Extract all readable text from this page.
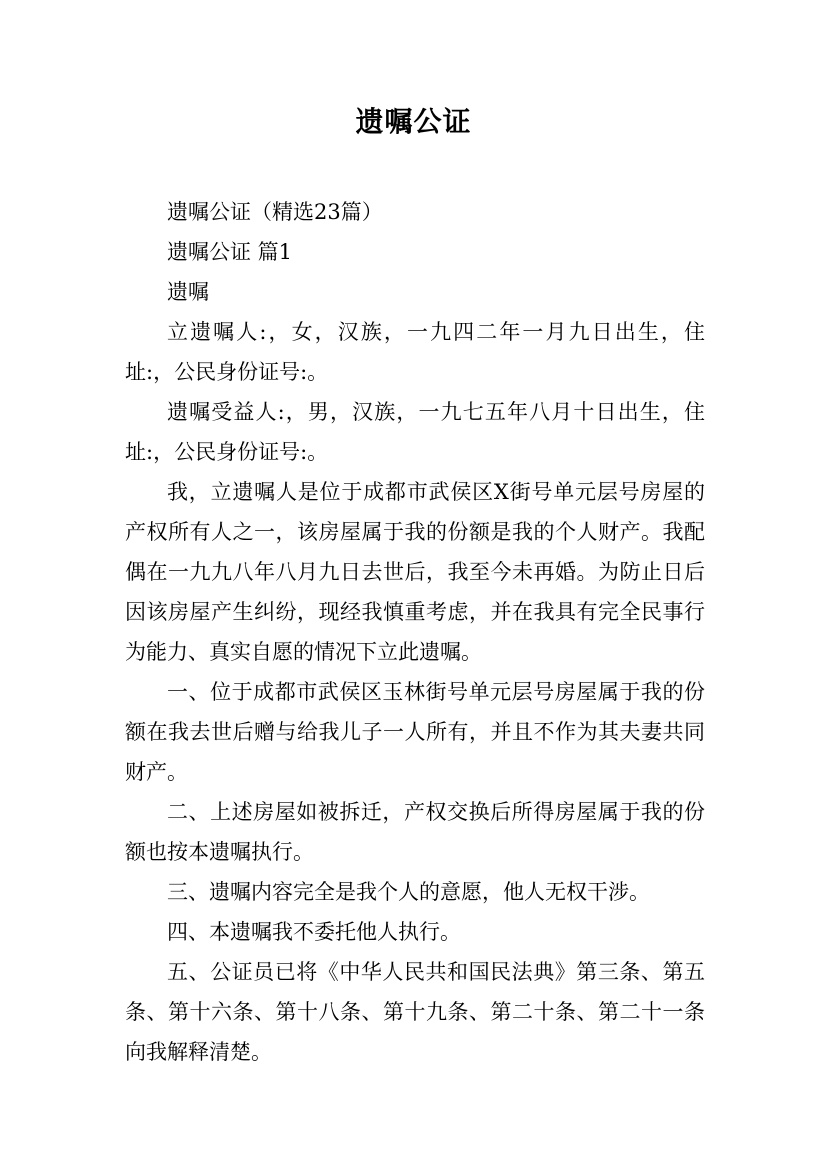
遗嘱公证

遗嘱公证（精选23篇）

遗嘱公证 篇1

遗嘱

立遗嘱人:，女，汉族，一九四二年一月九日出生，住址:，公民身份证号:。

遗嘱受益人:，男，汉族，一九七五年八月十日出生，住址:，公民身份证号:。

我，立遗嘱人是位于成都市武侯区X街号单元层号房屋的产权所有人之一，该房屋属于我的份额是我的个人财产。我配偶在一九九八年八月九日去世后，我至今未再婚。为防止日后因该房屋产生纠纷，现经我慎重考虑，并在我具有完全民事行为能力、真实自愿的情况下立此遗嘱。

一、位于成都市武侯区玉林街号单元层号房屋属于我的份额在我去世后赠与给我儿子一人所有，并且不作为其夫妻共同财产。

二、上述房屋如被拆迁，产权交换后所得房屋属于我的份额也按本遗嘱执行。

三、遗嘱内容完全是我个人的意愿，他人无权干涉。

四、本遗嘱我不委托他人执行。

五、公证员已将《中华人民共和国民法典》第三条、第五条、第十六条、第十八条、第十九条、第二十条、第二十一条向我解释清楚。
